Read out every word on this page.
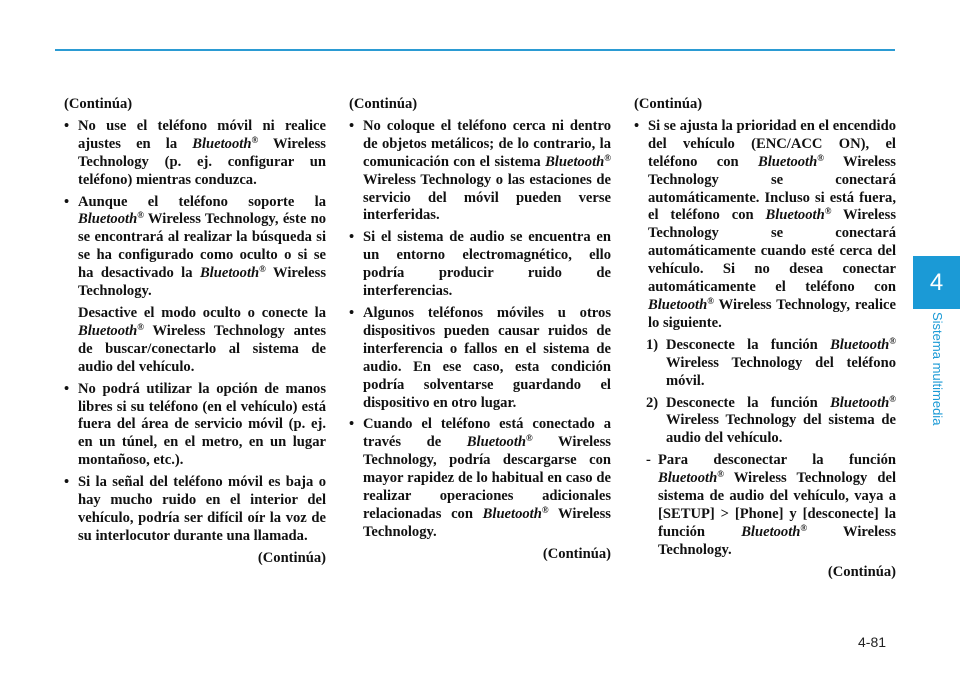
(Continúa)
• No use el teléfono móvil ni realice ajustes en la Bluetooth® Wireless Technology (p. ej. configurar un teléfono) mientras conduzca.
• Aunque el teléfono soporte la Bluetooth® Wireless Technology, éste no se encontrará al realizar la búsqueda si se ha configurado como oculto o si se ha desactivado la Bluetooth® Wireless Technology.
Desactive el modo oculto o conecte la Bluetooth® Wireless Technology antes de buscar/conectarlo al sistema de audio del vehículo.
• No podrá utilizar la opción de manos libres si su teléfono (en el vehículo) está fuera del área de servicio móvil (p. ej. en un túnel, en el metro, en un lugar montañoso, etc.).
• Si la señal del teléfono móvil es baja o hay mucho ruido en el interior del vehículo, podría ser difícil oír la voz de su interlocutor durante una llamada.
(Continúa)
(Continúa)
• No coloque el teléfono cerca ni dentro de objetos metálicos; de lo contrario, la comunicación con el sistema Bluetooth® Wireless Technology o las estaciones de servicio del móvil pueden verse interferidas.
• Si el sistema de audio se encuentra en un entorno electromagnético, ello podría producir ruido de interferencias.
• Algunos teléfonos móviles u otros dispositivos pueden causar ruidos de interferencia o fallos en el sistema de audio. En ese caso, esta condición podría solventarse guardando el dispositivo en otro lugar.
• Cuando el teléfono está conectado a través de Bluetooth® Wireless Technology, podría descargarse con mayor rapidez de lo habitual en caso de realizar operaciones adicionales relacionadas con Bluetooth® Wireless Technology.
(Continúa)
(Continúa)
• Si se ajusta la prioridad en el encendido del vehículo (ENC/ACC ON), el teléfono con Bluetooth® Wireless Technology se conectará automáticamente. Incluso si está fuera, el teléfono con Bluetooth® Wireless Technology se conectará automáticamente cuando esté cerca del vehículo. Si no desea conectar automáticamente el teléfono con Bluetooth® Wireless Technology, realice lo siguiente.
1) Desconecte la función Bluetooth® Wireless Technology del teléfono móvil.
2) Desconecte la función Bluetooth® Wireless Technology del sistema de audio del vehículo.
- Para desconectar la función Bluetooth® Wireless Technology del sistema de audio del vehículo, vaya a [SETUP] > [Phone] y [desconecte] la función Bluetooth® Wireless Technology.
(Continúa)
4
Sistema multimedia
4-81
